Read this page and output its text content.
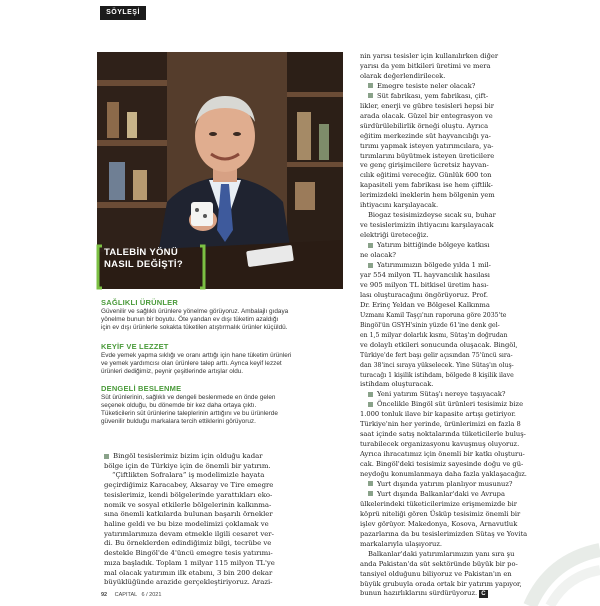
SÖYLEŞİ
TALEBİN YÖNÜ
NASIL DEĞİŞTİ?
SAĞLIKLI ÜRÜNLER
Güvenilir ve sağlıklı ürünlere yönelme görüyoruz. Ambalajlı gıdaya
yönelme bunun bir boyutu. Öte yandan ev dışı tüketim azaldığı
için ev dışı ürünlerle sokakta tüketilen atıştırmalık ürünler küçüldü.
KEYİF VE LEZZET
Evde yemek yapma sıklığı ve oranı arttığı için hane tüketim ürünleri
ve yemek yardımcısı olan ürünlere talep arttı. Ayrıca keyif lezzet
ürünleri dediğimiz, peynir çeşitlerinde artışlar oldu.
DENGELİ BESLENME
Süt ürünlerinin, sağlıklı ve dengeli beslenmede en önde gelen
seçenek olduğu, bu dönemde bir kez daha ortaya çıktı.
Tüketicilerin süt ürünlerine taleplerinin arttığını ve bu ürünlerde
güvenilir bulduğu markalara tercih ettiklerini görüyoruz.
Bingöl tesislerimiz bizim için olduğu kadar
bölge için de Türkiye için de önemli bir yatırım.
“Çiftlikten Sofralara” iş modelimizle hayata
geçirdiğimiz Karacabey, Aksaray ve Tire emegre
tesislerimiz, kendi bölgelerinde yarattıkları eko-
nomik ve sosyal etkilerle bölgelerinin kalkınma-
sına önemli katkılarda bulunan başarılı örnekler
haline geldi ve bu bize modelimizi çoklamak ve
yatırımlarımıza devam etmekle ilgili cesaret ver-
di. Bu örneklerden edindiğimiz bilgi, tecrübe ve
destekle Bingöl'de 4'üncü emegre tesis yatırımı-
mıza başladık. Toplam 1 milyar 115 milyon TL'ye
mal olacak yatırımın ilk etabını, 3 bin 200 dekar
büyüklüğünde arazide gerçekleştiriyoruz. Arazi-
nin yarısı tesisler için kullanılırken diğer
yarısı da yem bitkileri üretimi ve mera
olarak değerlendirilecek.
Emegre tesiste neler olacak?
Süt fabrikası, yem fabrikası, çift-
likler, enerji ve gübre tesisleri hepsi bir
arada olacak. Güzel bir entegrasyon ve
sürdürülebilirlik örneği oluştu. Ayrıca
eğitim merkezinde süt hayvancılığı ya-
tırımı yapmak isteyen yatırımcılara, ya-
tırımlarını büyütmek isteyen üreticilere
ve genç girişimcilere ücretsiz hayvan-
cılık eğitimi vereceğiz. Günlük 600 ton
kapasiteli yem fabrikası ise hem çiftlik-
lerimizdeki ineklerin hem bölgenin yem
ihtiyacını karşılayacak.
Biogaz tesisimizdeyse sıcak su, buhar
ve tesislerimizin ihtiyacını karşılayacak
elektriği üreteceğiz.
Yatırım bittiğinde bölgeye katkısı
ne olacak?
Yatırımımızın bölgede yılda 1 mil-
yar 554 milyon TL hayvancılık hasılası
ve 905 milyon TL bitkisel üretim hası-
lası oluşturacağını öngörüyoruz. Prof.
Dr. Erinç Yeldan ve Bölgesel Kalkınma
Uzmanı Kamil Taşçı'nın raporuna göre 2035'te
Bingöl'ün GSYH'sinin yüzde 61'ine denk gel-
en 1,5 milyar dolarlık kısmı, Sütaş'ın doğrudan
ve dolaylı etkileri sonucunda oluşacak. Bingöl,
Türkiye'de fert başı gelir açısından 75'üncü sıra-
dan 38'inci sıraya yükselecek. Yine Sütaş'ın oluş-
turacağı 1 kişilik istihdam, bölgede 8 kişilik ilave
istihdam oluşturacak.
Yeni yatırım Sütaş'ı nereye taşıyacak?
Öncelikle Bingöl süt ürünleri tesisimiz bize
1.000 tonluk ilave bir kapasite artışı getiriyor.
Türkiye'nin her yerinde, ürünlerimizi en fazla 8
saat içinde satış noktalarında tüketicilerle buluş-
turabilecek organizasyonu kavuşmuş oluyoruz.
Ayrıca ihracatımız için önemli bir katkı oluşturu-
cak. Bingöl'deki tesisimiz sayesinde doğu ve gü-
neydoğu konumlanmaya daha fazla yaklaşacağız.
Yurt dışında yatırım planlıyor musunuz?
Yurt dışında Balkanlar'daki ve Avrupa
ülkelerindeki tüketicilerimize erişmemizde bir
köprü niteliği gören Üsküp tesisimiz önemli bir
işlev görüyor. Makedonya, Kosova, Arnavutluk
pazarlarına da bu tesislerimizden Sütaş ve Yovita
markalarıyla ulaşıyoruz.
Balkanlar'daki yatırımlarımızın yanı sıra şu
anda Pakistan'da süt sektöründe büyük bir po-
tansiyel olduğunu biliyoruz ve Pakistan'ın en
büyük grubuyla orada ortak bir yatırım yapıyor,
bunun hazırlıklarını sürdürüyoruz. C
92 CAPITAL 6 / 2021
